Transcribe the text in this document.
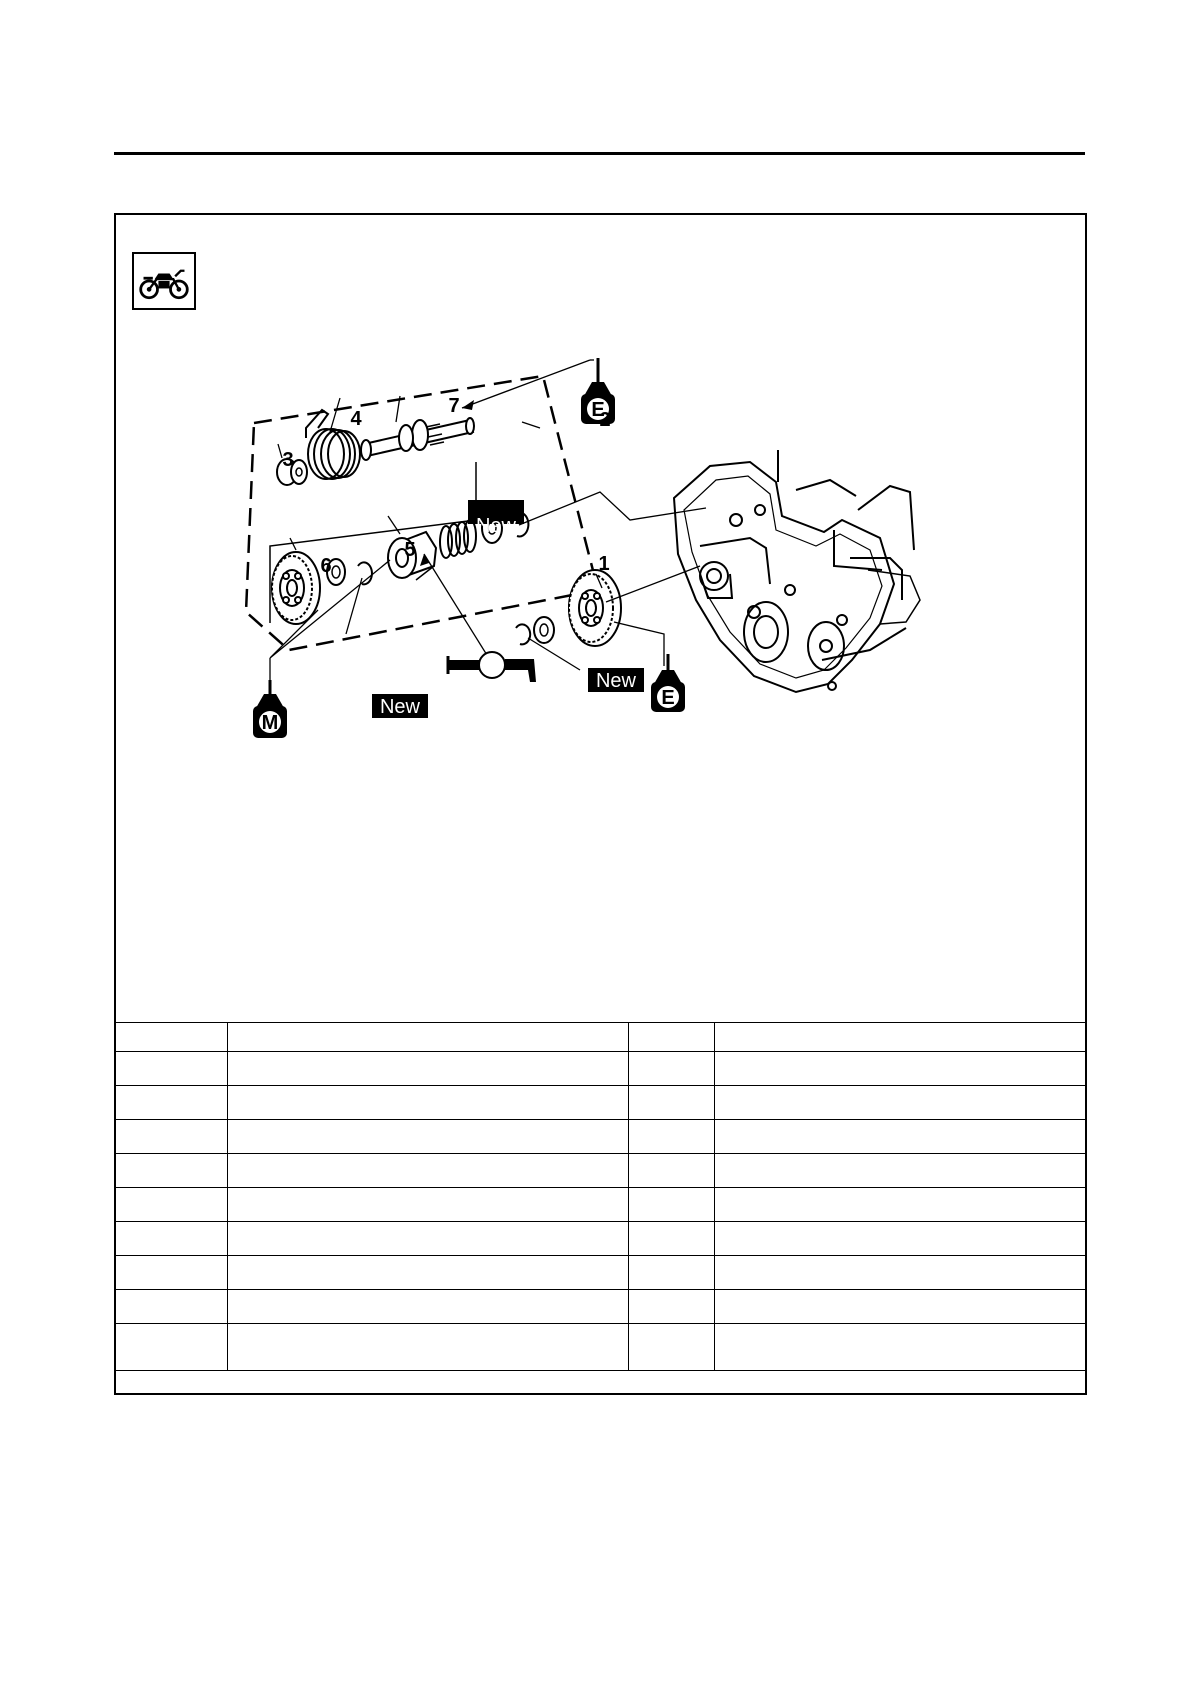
E
E
M
New
New
New
1
2
3
4
5
6
7
